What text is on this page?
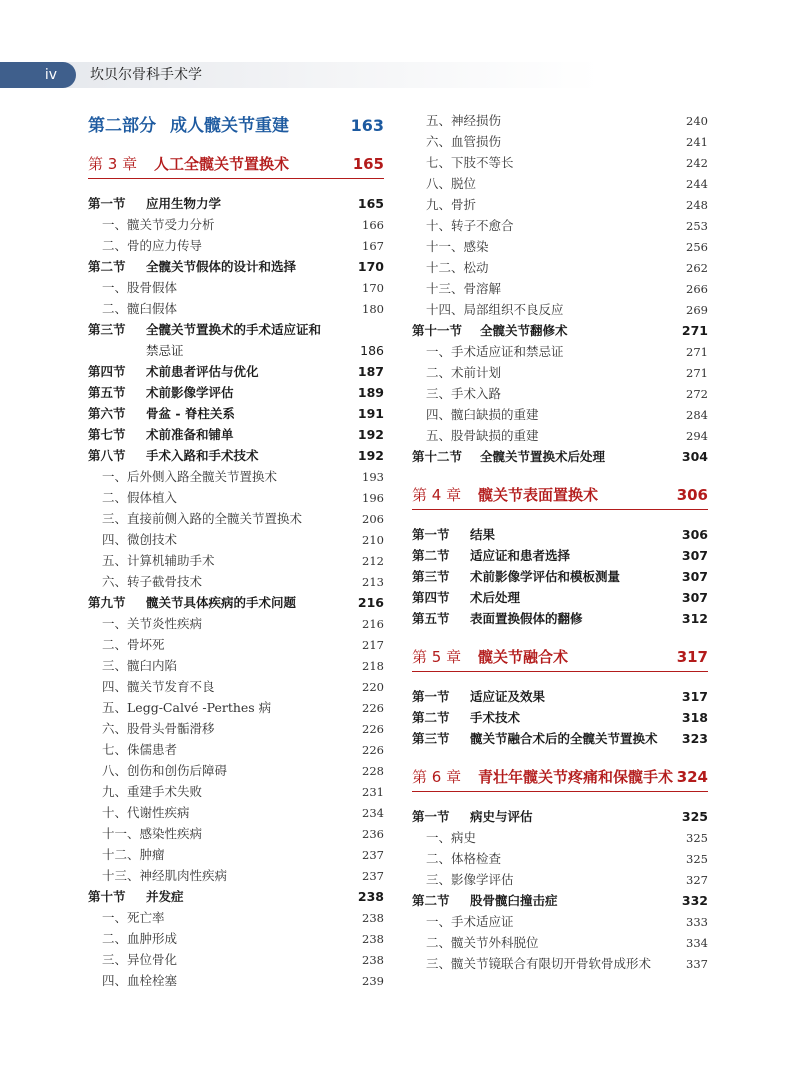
iv	坎贝尔骨科手术学
第二部分 成人髋关节重建	163
第 3 章	人工全髋关节置换术	165
第一节 应用生物力学	165
一、髋关节受力分析	166
二、骨的应力传导	167
第二节 全髋关节假体的设计和选择	170
一、股骨假体	170
二、髋臼假体	180
第三节 全髋关节置换术的手术适应证和
禁忌证	186
第四节 术前患者评估与优化	187
第五节 术前影像学评估	189
第六节 骨盆 - 脊柱关系	191
第七节 术前准备和铺单	192
第八节 手术入路和手术技术	192
一、后外侧入路全髋关节置换术	193
二、假体植入	196
三、直接前侧入路的全髋关节置换术	206
四、微创技术	210
五、计算机辅助手术	212
六、转子截骨技术	213
第九节 髋关节具体疾病的手术问题	216
一、关节炎性疾病	216
二、骨坏死	217
三、髋臼内陷	218
四、髋关节发育不良	220
五、Legg-Calvé -Perthes 病	226
六、股骨头骨骺滑移	226
七、侏儒患者	226
八、创伤和创伤后障碍	228
九、重建手术失败	231
十、代谢性疾病	234
十一、感染性疾病	236
十二、肿瘤	237
十三、神经肌肉性疾病	237
第十节 并发症	238
一、死亡率	238
二、血肿形成	238
三、异位骨化	238
四、血栓栓塞	239
五、神经损伤	240
六、血管损伤	241
七、下肢不等长	242
八、脱位	244
九、骨折	248
十、转子不愈合	253
十一、感染	256
十二、松动	262
十三、骨溶解	266
十四、局部组织不良反应	269
第十一节 全髋关节翻修术	271
一、手术适应证和禁忌证	271
二、术前计划	271
三、手术入路	272
四、髋臼缺损的重建	284
五、股骨缺损的重建	294
第十二节 全髋关节置换术后处理	304
第 4 章	髋关节表面置换术	306
第一节 结果	306
第二节 适应证和患者选择	307
第三节 术前影像学评估和模板测量	307
第四节 术后处理	307
第五节 表面置换假体的翻修	312
第 5 章	髋关节融合术	317
第一节 适应证及效果	317
第二节 手术技术	318
第三节 髋关节融合术后的全髋关节置换术	323
第 6 章	青壮年髋关节疼痛和保髋手术 324
第一节 病史与评估	325
一、病史	325
二、体格检查	325
三、影像学评估	327
第二节 股骨髋臼撞击症	332
一、手术适应证	333
二、髋关节外科脱位	334
三、髋关节镜联合有限切开骨软骨成形术	337
